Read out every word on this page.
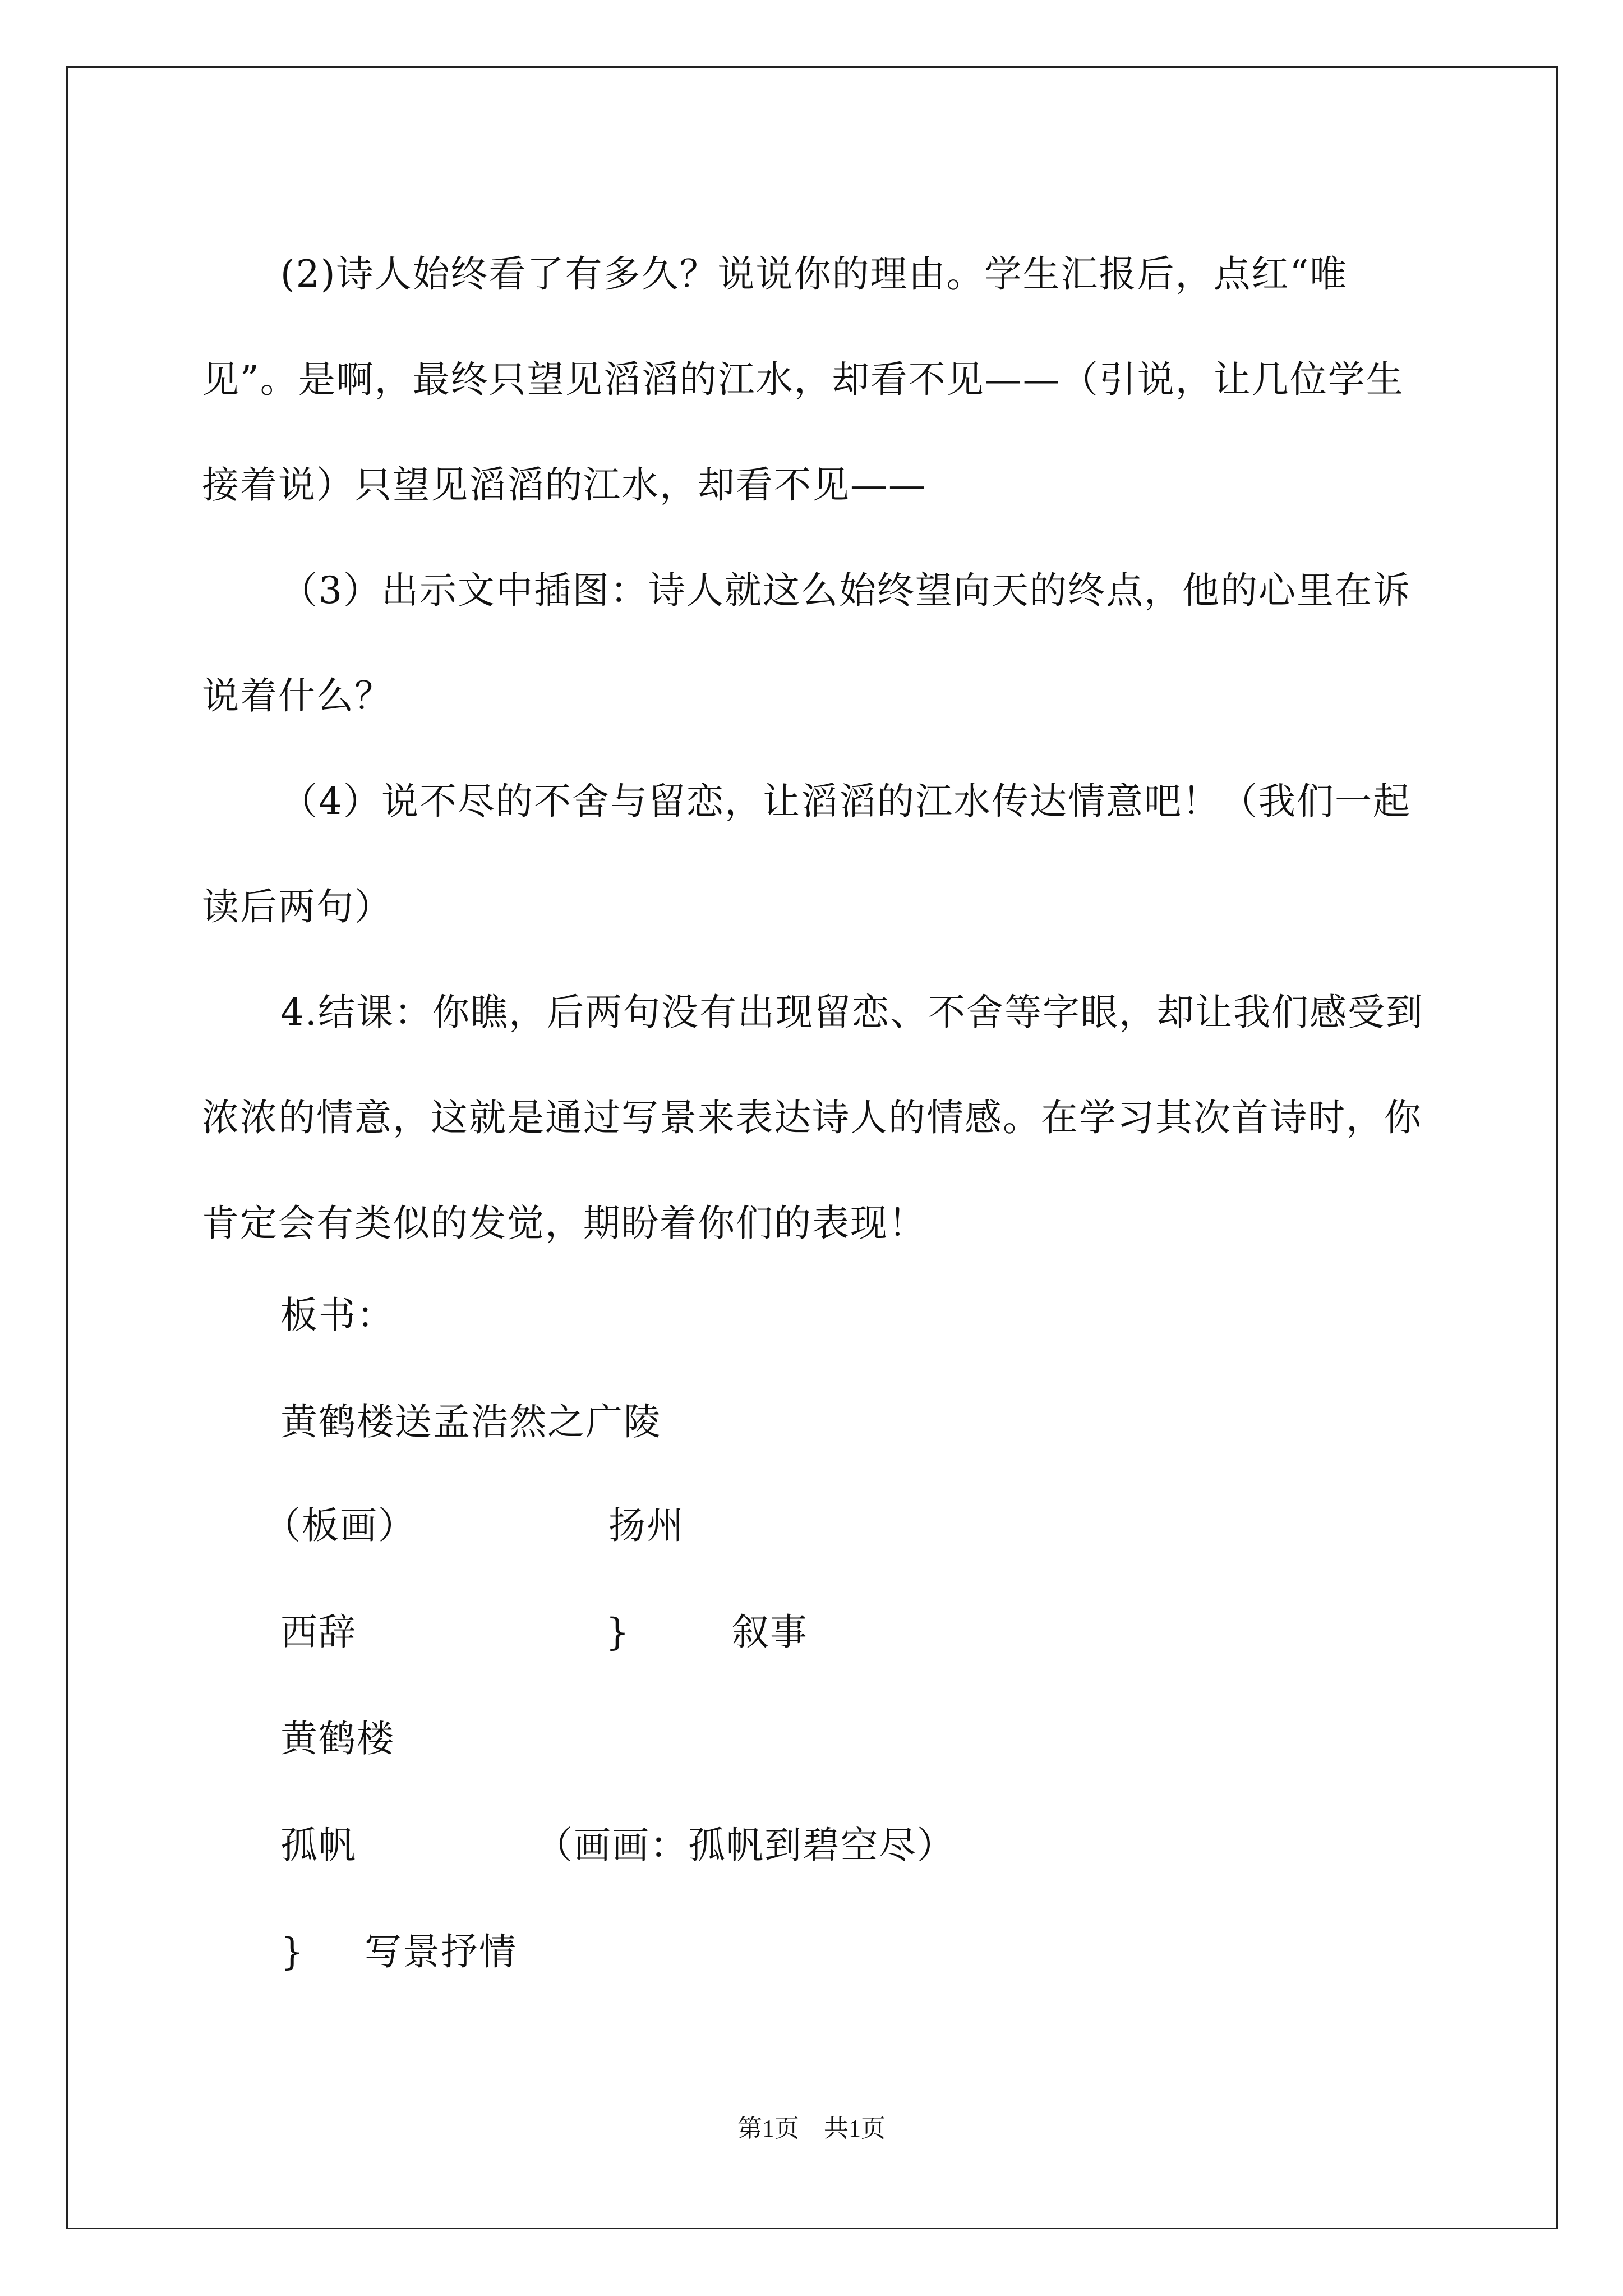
(2)诗人始终看了有多久？说说你的理由。学生汇报后，点红“唯见”。是啊，最终只望见滔滔的江水，却看不见——（引说，让几位学生接着说）只望见滔滔的江水，却看不见——

（3）出示文中插图：诗人就这么始终望向天的终点，他的心里在诉说着什么？

（4）说不尽的不舍与留恋，让滔滔的江水传达情意吧！（我们一起读后两句）

4.结课：你瞧，后两句没有出现留恋、不舍等字眼，却让我们感受到浓浓的情意，这就是通过写景来表达诗人的情感。在学习其次首诗时，你肯定会有类似的发觉，期盼着你们的表现！

板书：
黄鹤楼送孟浩然之广陵
（板画）	扬州
西辞	}	叙事
黄鹤楼
孤帆	（画画：孤帆到碧空尽）
} 写景抒情
第1页　共1页
